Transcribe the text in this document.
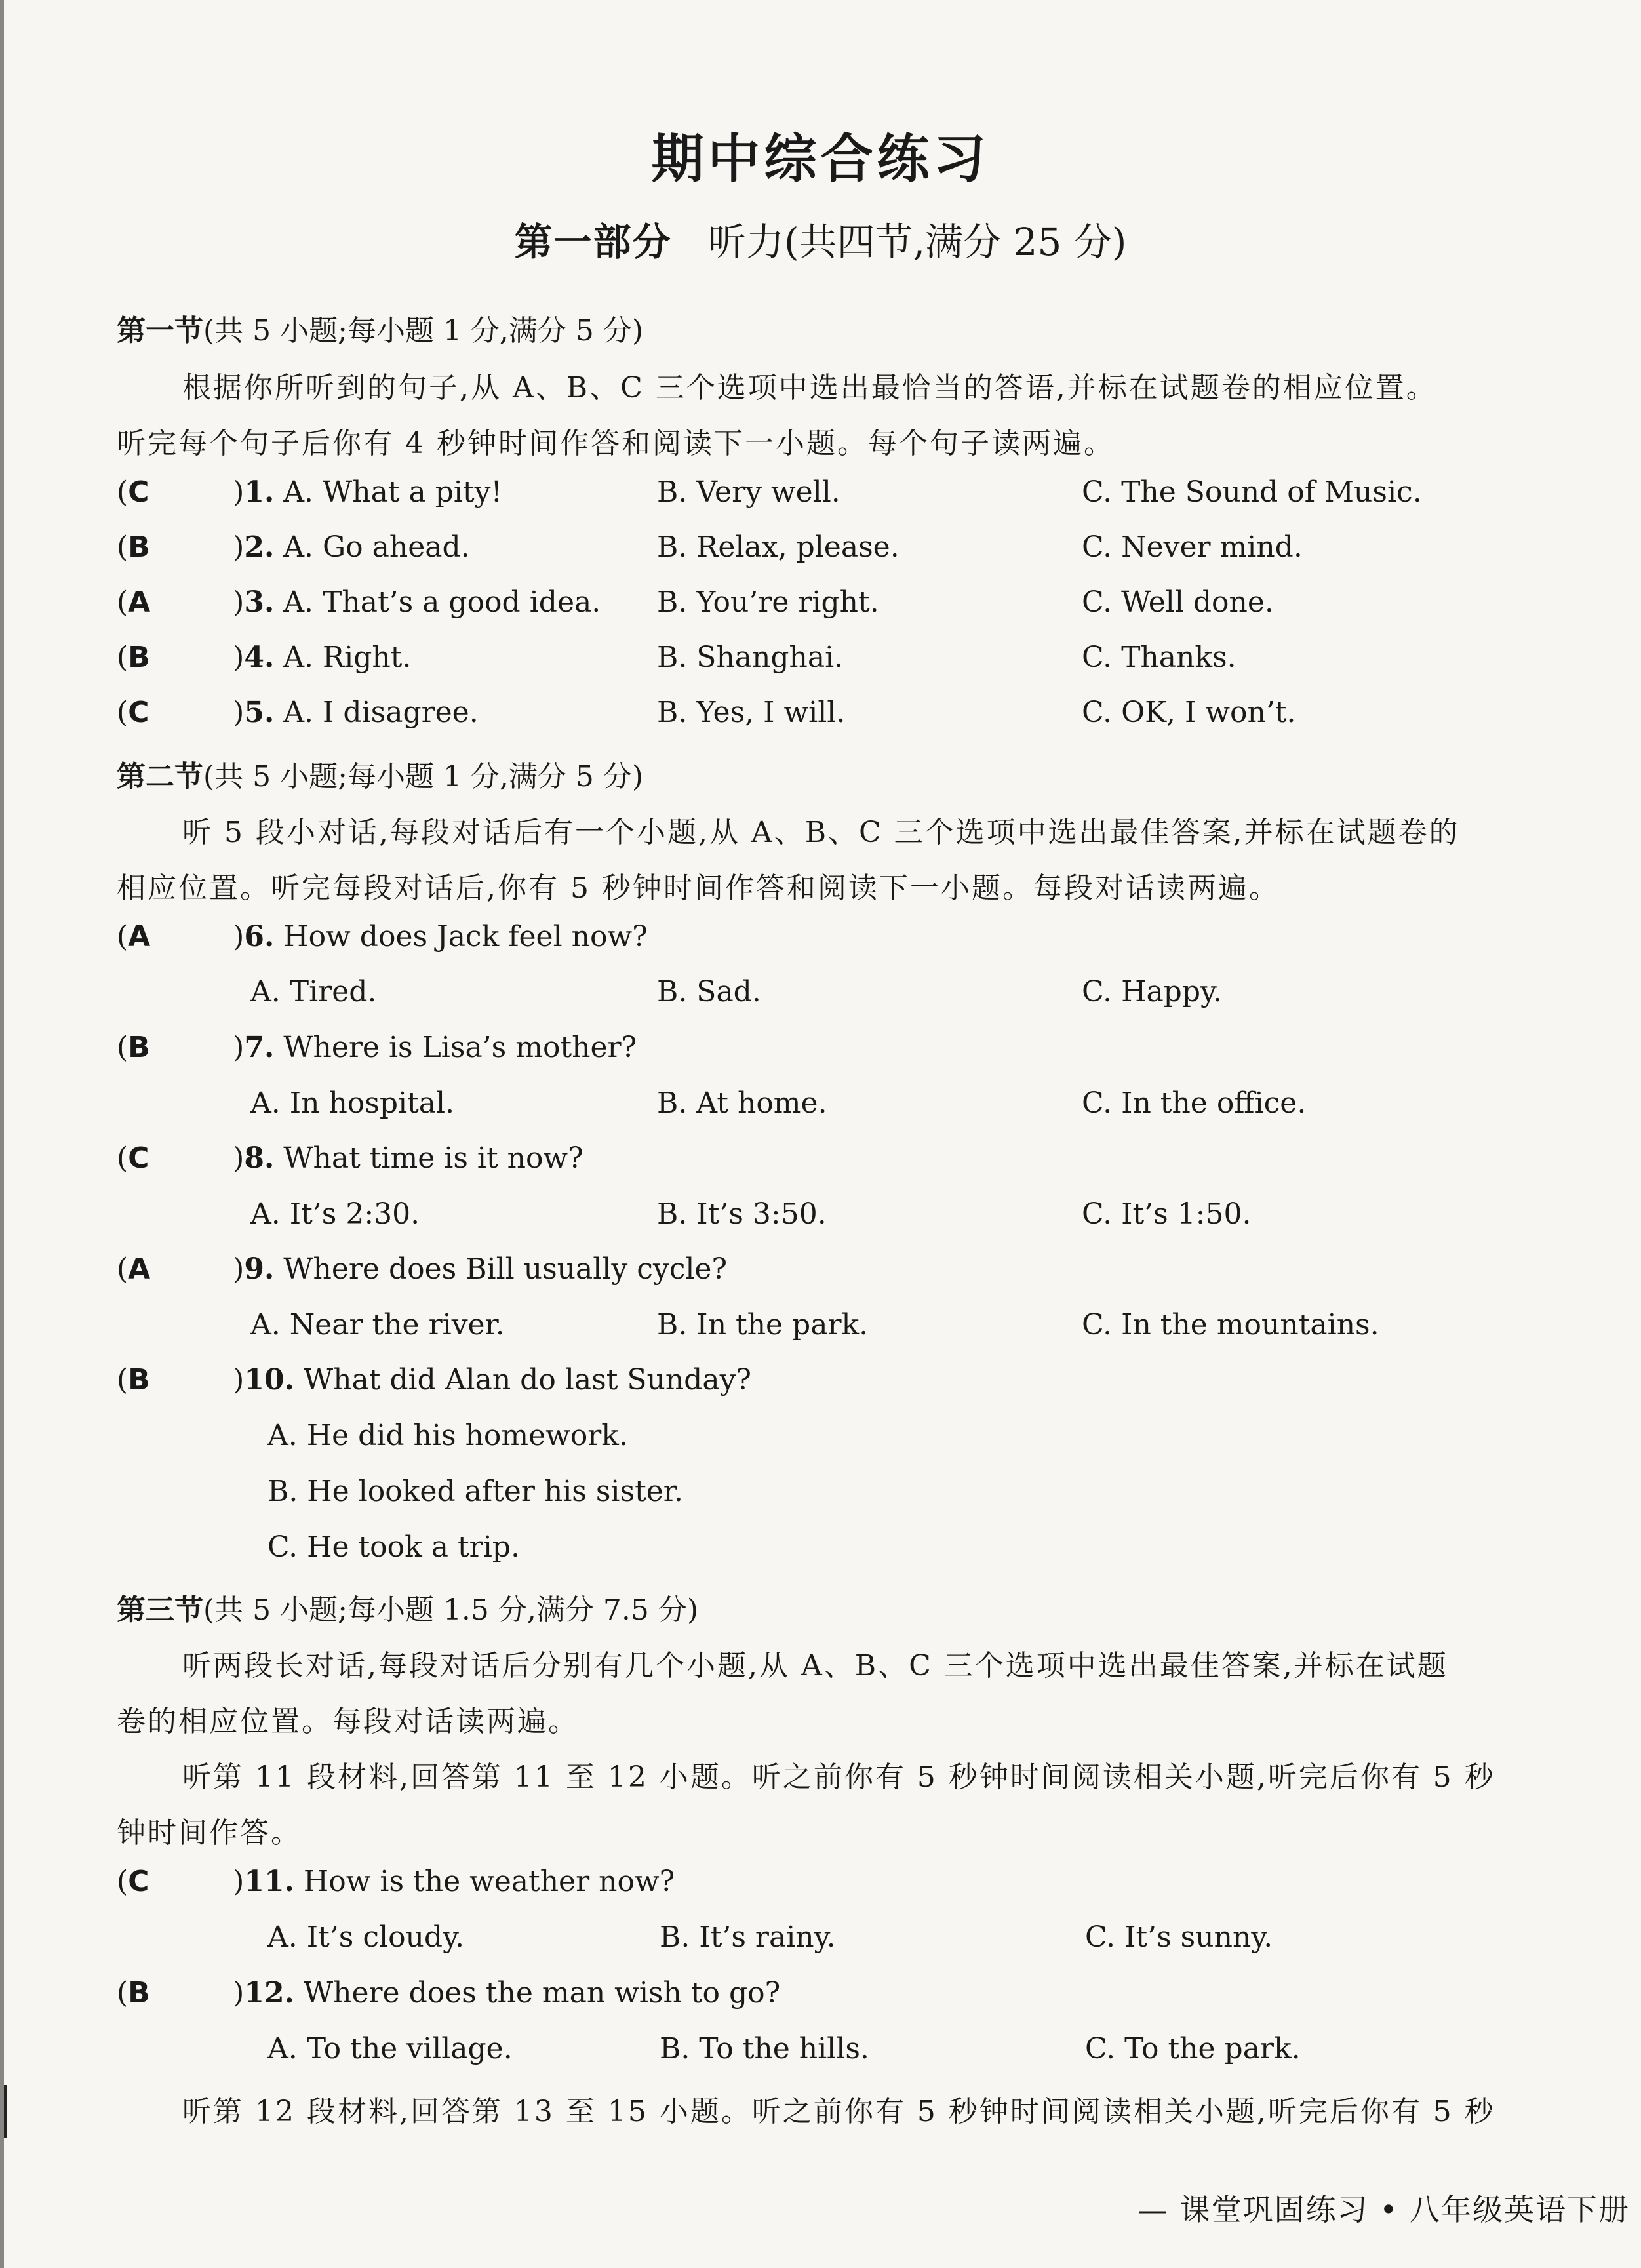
期中综合练习
第一部分 听力(共四节,满分 25 分)
第一节(共 5 小题;每小题 1 分,满分 5 分)
根据你所听到的句子,从 A、B、C 三个选项中选出最恰当的答语,并标在试题卷的相应位置。
听完每个句子后你有 4 秒钟时间作答和阅读下一小题。每个句子读两遍。
(C	)1. A. What a pity!	B. Very well.	C. The Sound of Music.
(B	)2. A. Go ahead.	B. Relax, please.	C. Never mind.
(A	)3. A. That’s a good idea. B. You’re right.	C. Well done.
(B	)4. A. Right.	B. Shanghai.	C. Thanks.
(C	)5. A. I disagree.	B. Yes, I will.	C. OK, I won’t.
第二节(共 5 小题;每小题 1 分,满分 5 分)
听 5 段小对话,每段对话后有一个小题,从 A、B、C 三个选项中选出最佳答案,并标在试题卷的
相应位置。听完每段对话后,你有 5 秒钟时间作答和阅读下一小题。每段对话读两遍。
(A	)6. How does Jack feel now?
A. Tired.	B. Sad.	C. Happy.
(B	)7. Where is Lisa’s mother?
A. In hospital.	B. At home.	C. In the office.
(C	)8. What time is it now?
A. It’s 2:30.	B. It’s 3:50.	C. It’s 1:50.
(A	)9. Where does Bill usually cycle?
A. Near the river.	B. In the park.	C. In the mountains.
(B	)10. What did Alan do last Sunday?
A. He did his homework.
B. He looked after his sister.
C. He took a trip.
第三节(共 5 小题;每小题 1.5 分,满分 7.5 分)
听两段长对话,每段对话后分别有几个小题,从 A、B、C 三个选项中选出最佳答案,并标在试题
卷的相应位置。每段对话读两遍。
听第 11 段材料,回答第 11 至 12 小题。听之前你有 5 秒钟时间阅读相关小题,听完后你有 5 秒
钟时间作答。
(C	)11. How is the weather now?
A. It’s cloudy.	B. It’s rainy.	C. It’s sunny.
(B	)12. Where does the man wish to go?
A. To the village.	B. To the hills.	C. To the park.
听第 12 段材料,回答第 13 至 15 小题。听之前你有 5 秒钟时间阅读相关小题,听完后你有 5 秒
— 课堂巩固练习 • 八年级英语下册
